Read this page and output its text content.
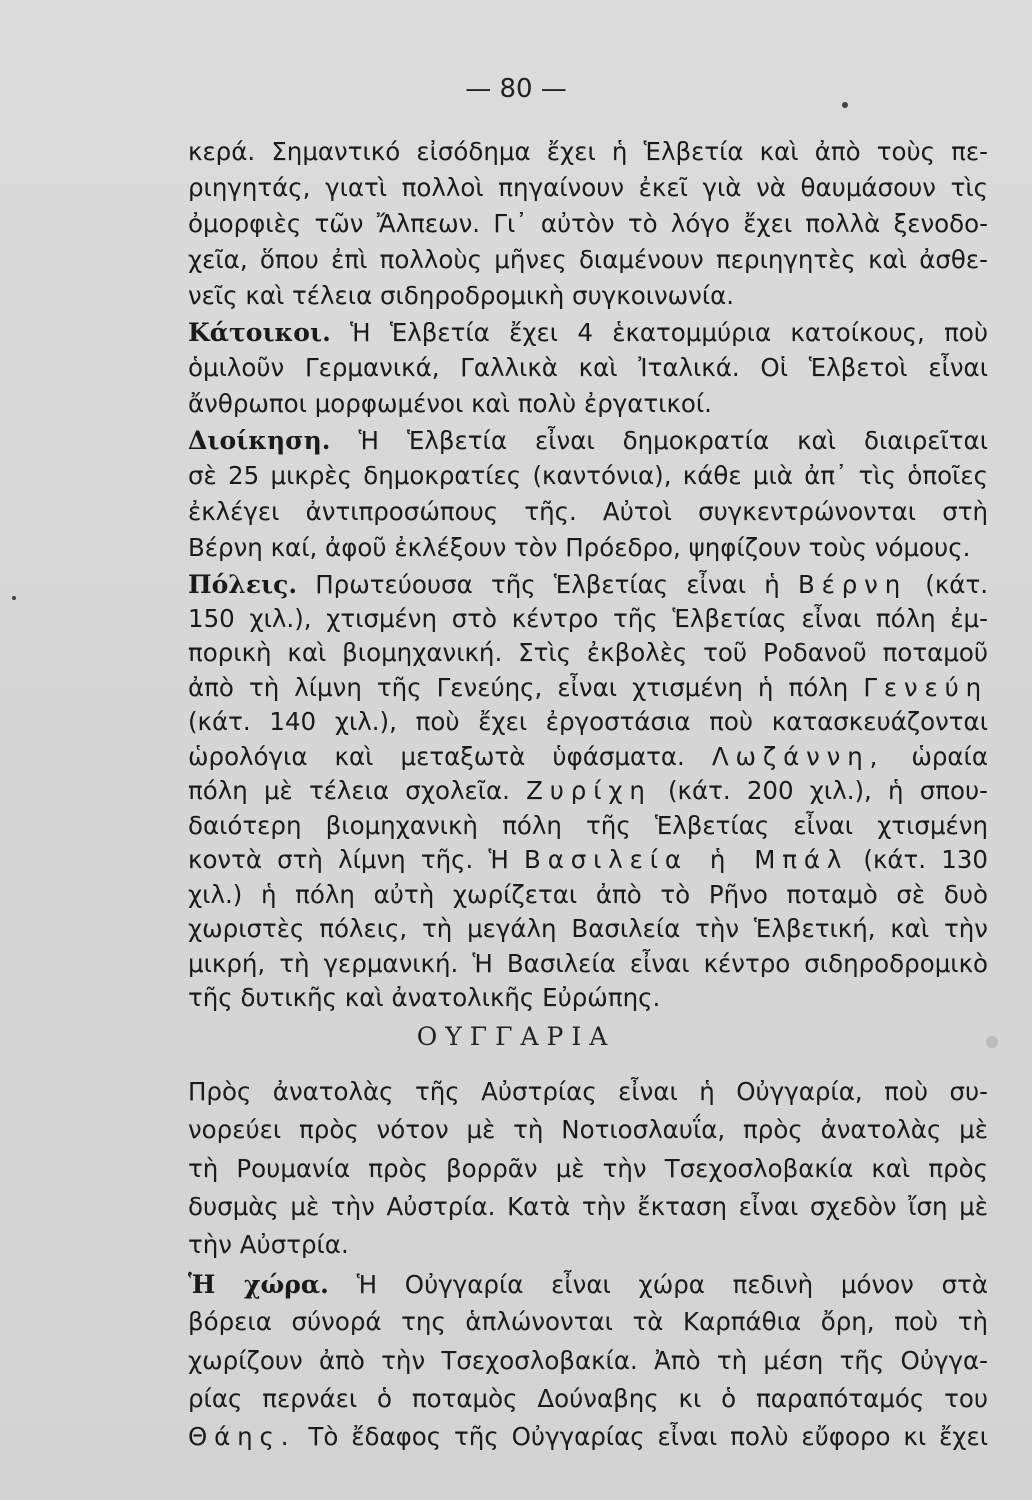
— 80 —
κερά. Σημαντικό εἰσόδημα ἔχει ἡ Ἑλβετία καὶ ἀπὸ τοὺς πε-
ριηγητάς, γιατὶ πολλοὶ πηγαίνουν ἐκεῖ γιὰ νὰ θαυμάσουν τὶς
ὀμορφιὲς τῶν Ἄλπεων. Γι᾽ αὐτὸν τὸ λόγο ἔχει πολλὰ ξενοδο-
χεῖα, ὅπου ἐπὶ πολλοὺς μῆνες διαμένουν περιηγητὲς καὶ ἀσθε-
νεῖς καὶ τέλεια σιδηροδρομικὴ συγκοινωνία.
Κάτοικοι. Ἡ Ἑλβετία ἔχει 4 ἑκατομμύρια κατοίκους, ποὺ
ὁμιλοῦν Γερμανικά, Γαλλικὰ καὶ Ἰταλικά. Οἱ Ἑλβετοὶ εἶναι
ἄνθρωποι μορφωμένοι καὶ πολὺ ἐργατικοί.
Διοίκηση. Ἡ Ἑλβετία εἶναι δημοκρατία καὶ διαιρεῖται
σὲ 25 μικρὲς δημοκρατίες (καντόνια), κάθε μιὰ ἀπ᾽ τὶς ὁποῖες
ἐκλέγει ἀντιπροσώπους τῆς. Αὐτοὶ συγκεντρώνονται στὴ
Βέρνη καί, ἀφοῦ ἐκλέξουν τὸν Πρόεδρο, ψηφίζουν τοὺς νόμους.
Πόλεις. Πρωτεύουσα τῆς Ἑλβετίας εἶναι ἡ Βέρνη (κάτ.
150 χιλ.), χτισμένη στὸ κέντρο τῆς Ἑλβετίας εἶναι πόλη ἐμ-
πορικὴ καὶ βιομηχανική. Στὶς ἐκβολὲς τοῦ Ροδανοῦ ποταμοῦ
ἀπὸ τὴ λίμνη τῆς Γενεύης, εἶναι χτισμένη ἡ πόλη Γενεύη
(κάτ. 140 χιλ.), ποὺ ἔχει ἐργοστάσια ποὺ κατασκευάζονται
ὡρολόγια καὶ μεταξωτὰ ὑφάσματα. Λωζάννη, ὡραία
πόλη μὲ τέλεια σχολεῖα. Ζυρίχη (κάτ. 200 χιλ.), ἡ σπου-
δαιότερη βιομηχανικὴ πόλη τῆς Ἑλβετίας εἶναι χτισμένη
κοντὰ στὴ λίμνη τῆς. Ἡ Βασιλεία ἡ Μπάλ (κάτ. 130
χιλ.) ἡ πόλη αὐτὴ χωρίζεται ἀπὸ τὸ Ρῆνο ποταμὸ σὲ δυὸ
χωριστὲς πόλεις, τὴ μεγάλη Βασιλεία τὴν Ἑλβετική, καὶ τὴν
ΟΥΓΓΑΡΙΑ
Πρὸς ἀνατολὰς τῆς Αὐστρίας εἶναι ἡ Οὐγγαρία, ποὺ συ-
νορεύει πρὸς νότον μὲ τὴ Νοτιοσλαυΐα, πρὸς ἀνατολὰς μὲ
τὴ Ρουμανία πρὸς βορρᾶν μὲ τὴν Τσεχοσλοβακία καὶ πρὸς
δυσμὰς μὲ τὴν Αὐστρία. Κατὰ τὴν ἔκταση εἶναι σχεδὸν ἴση μὲ
τὴν Αὐστρία.
Ἡ χώρα. Ἡ Οὐγγαρία εἶναι χώρα πεδινὴ μόνον στὰ
βόρεια σύνορά της ἁπλώνονται τὰ Καρπάθια ὄρη, ποὺ τὴ
χωρίζουν ἀπὸ τὴν Τσεχοσλοβακία. Ἀπὸ τὴ μέση τῆς Οὐγγα-
ρίας περνάει ὁ ποταμὸς Δούναβης κι ὁ παραπόταμός του
Θάης. Τὸ ἔδαφος τῆς Οὐγγαρίας εἶναι πολὺ εὔφορο κι ἔχει
μικρή, τὴ γερμανική. Ἡ Βασιλεία εἶναι κέντρο σιδηροδρομικὸ
τῆς δυτικῆς καὶ ἀνατολικῆς Εὐρώπης.
